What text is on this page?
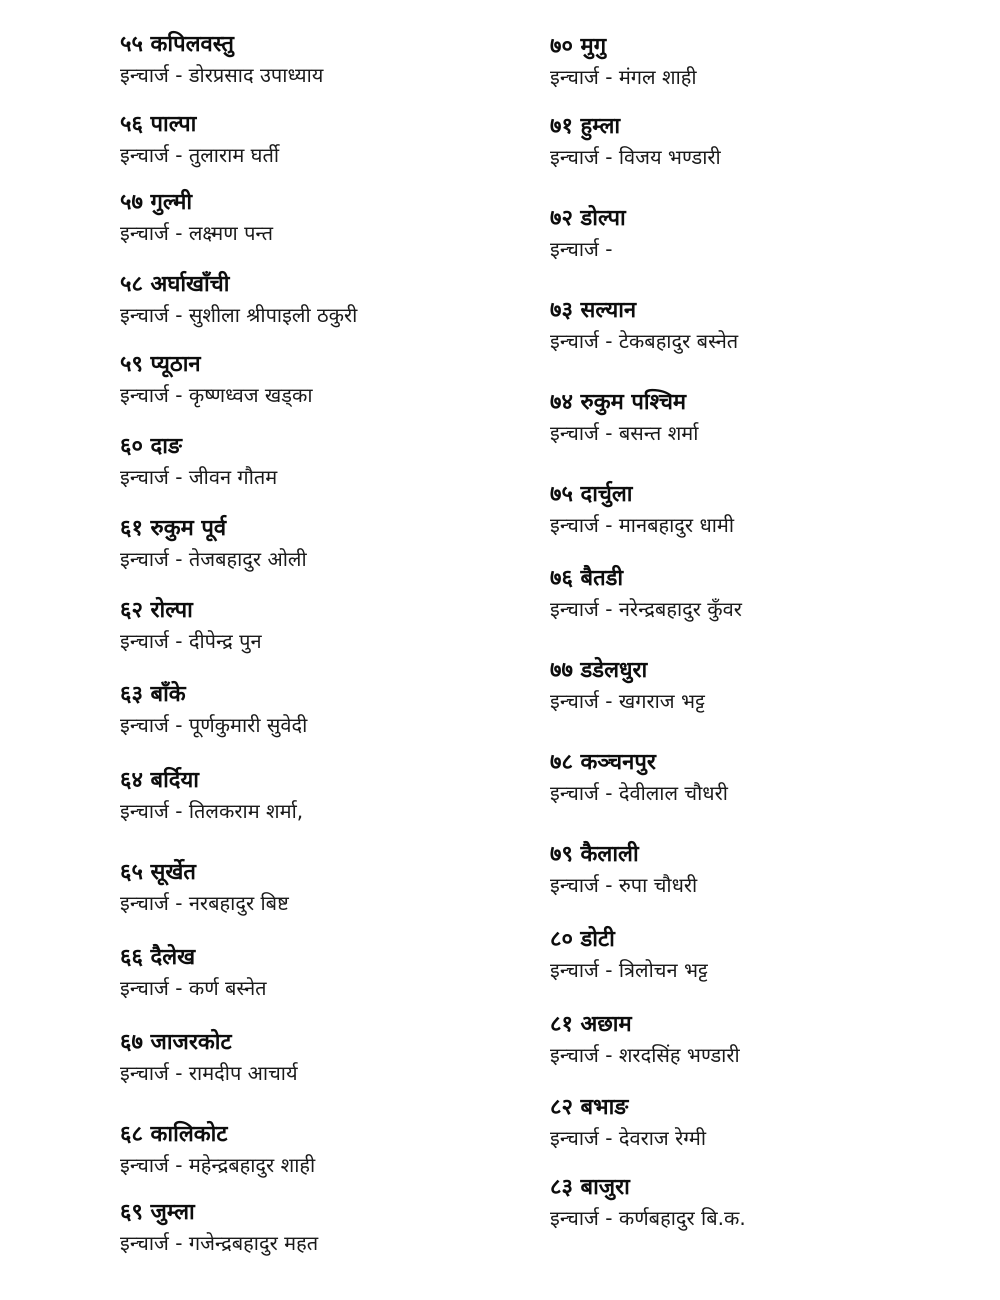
५५ कपिलवस्तु
इन्चार्ज - डोरप्रसाद उपाध्याय
५६ पाल्पा
इन्चार्ज - तुलाराम घर्ती
५७ गुल्मी
इन्चार्ज - लक्ष्मण पन्त
५८ अर्घाखाँची
इन्चार्ज - सुशीला श्रीपाइली ठकुरी
५९ प्यूठान
इन्चार्ज - कृष्णध्वज खड्का
६० दाङ
इन्चार्ज - जीवन गौतम
६१ रुकुम पूर्व
इन्चार्ज - तेजबहादुर ओली
६२ रोल्पा
इन्चार्ज - दीपेन्द्र पुन
६३ बाँके
इन्चार्ज - पूर्णकुमारी सुवेदी
६४ बर्दिया
इन्चार्ज - तिलकराम शर्मा,
६५ सूर्खेत
इन्चार्ज - नरबहादुर बिष्ट
६६ दैलेख
इन्चार्ज - कर्ण बस्नेत
६७ जाजरकोट
इन्चार्ज - रामदीप आचार्य
६८ कालिकोट
इन्चार्ज - महेन्द्रबहादुर शाही
६९ जुम्ला
इन्चार्ज - गजेन्द्रबहादुर महत
७० मुगु
इन्चार्ज - मंगल शाही
७१ हुम्ला
इन्चार्ज - विजय भण्डारी
७२ डोल्पा
इन्चार्ज -
७३ सल्यान
इन्चार्ज - टेकबहादुर बस्नेत
७४ रुकुम पश्चिम
इन्चार्ज - बसन्त शर्मा
७५ दार्चुला
इन्चार्ज - मानबहादुर धामी
७६ बैतडी
इन्चार्ज - नरेन्द्रबहादुर कुँवर
७७ डडेलधुरा
इन्चार्ज - खगराज भट्ट
७८ कञ्चनपुर
इन्चार्ज - देवीलाल चौधरी
७९ कैलाली
इन्चार्ज - रुपा चौधरी
८० डोटी
इन्चार्ज - त्रिलोचन भट्ट
८१ अछाम
इन्चार्ज - शरदसिंह भण्डारी
८२ बभाङ
इन्चार्ज - देवराज रेग्मी
८३ बाजुरा
इन्चार्ज - कर्णबहादुर बि.क.
